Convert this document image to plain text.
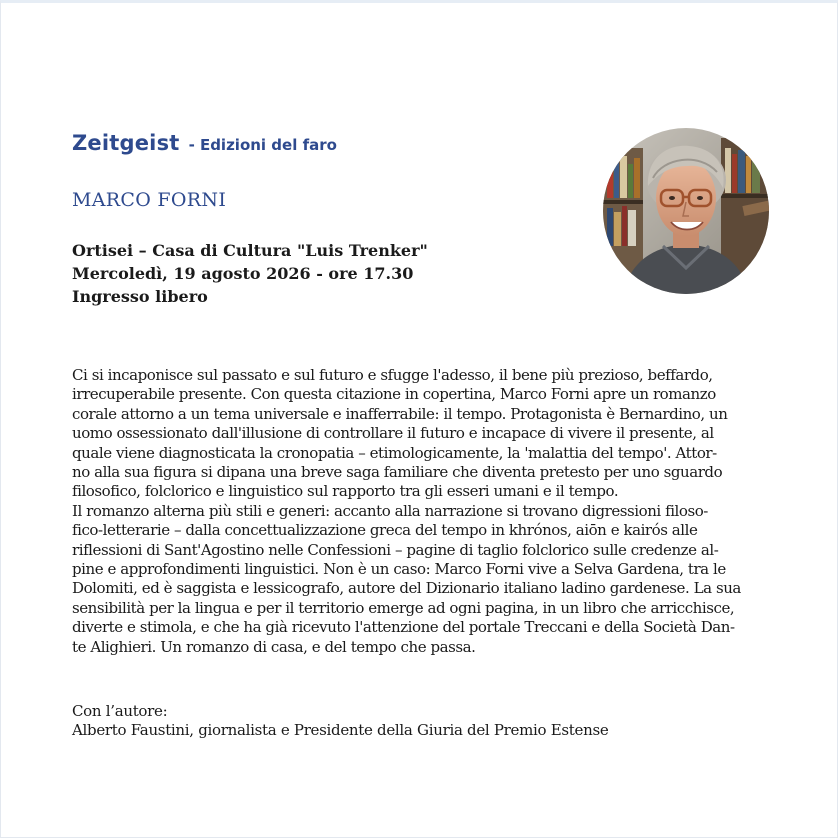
Zeitgeist - Edizioni del faro
MARCO FORNI
Ortisei – Casa di Cultura "Luis Trenker"
Mercoledì, 19 agosto 2026 - ore 17.30
Ingresso libero
Ci si incaponisce sul passato e sul futuro e sfugge l'adesso, il bene più prezioso, beffardo,
irrecuperabile presente. Con questa citazione in copertina, Marco Forni apre un romanzo
corale attorno a un tema universale e inafferrabile: il tempo. Protagonista è Bernardino, un
uomo ossessionato dall'illusione di controllare il futuro e incapace di vivere il presente, al
quale viene diagnosticata la cronopatia – etimologicamente, la 'malattia del tempo'. Attor-
no alla sua figura si dipana una breve saga familiare che diventa pretesto per uno sguardo
filosofico, folclorico e linguistico sul rapporto tra gli esseri umani e il tempo.
Il romanzo alterna più stili e generi: accanto alla narrazione si trovano digressioni filoso-
fico-letterarie – dalla concettualizzazione greca del tempo in khrónos, aiōn e kairós alle
riflessioni di Sant'Agostino nelle Confessioni – pagine di taglio folclorico sulle credenze al-
pine e approfondimenti linguistici. Non è un caso: Marco Forni vive a Selva Gardena, tra le
Dolomiti, ed è saggista e lessicografo, autore del Dizionario italiano ladino gardenese. La sua
sensibilità per la lingua e per il territorio emerge ad ogni pagina, in un libro che arricchisce,
diverte e stimola, e che ha già ricevuto l'attenzione del portale Treccani e della Società Dan-
te Alighieri. Un romanzo di casa, e del tempo che passa.
Con l’autore:
Alberto Faustini, giornalista e Presidente della Giuria del Premio Estense
